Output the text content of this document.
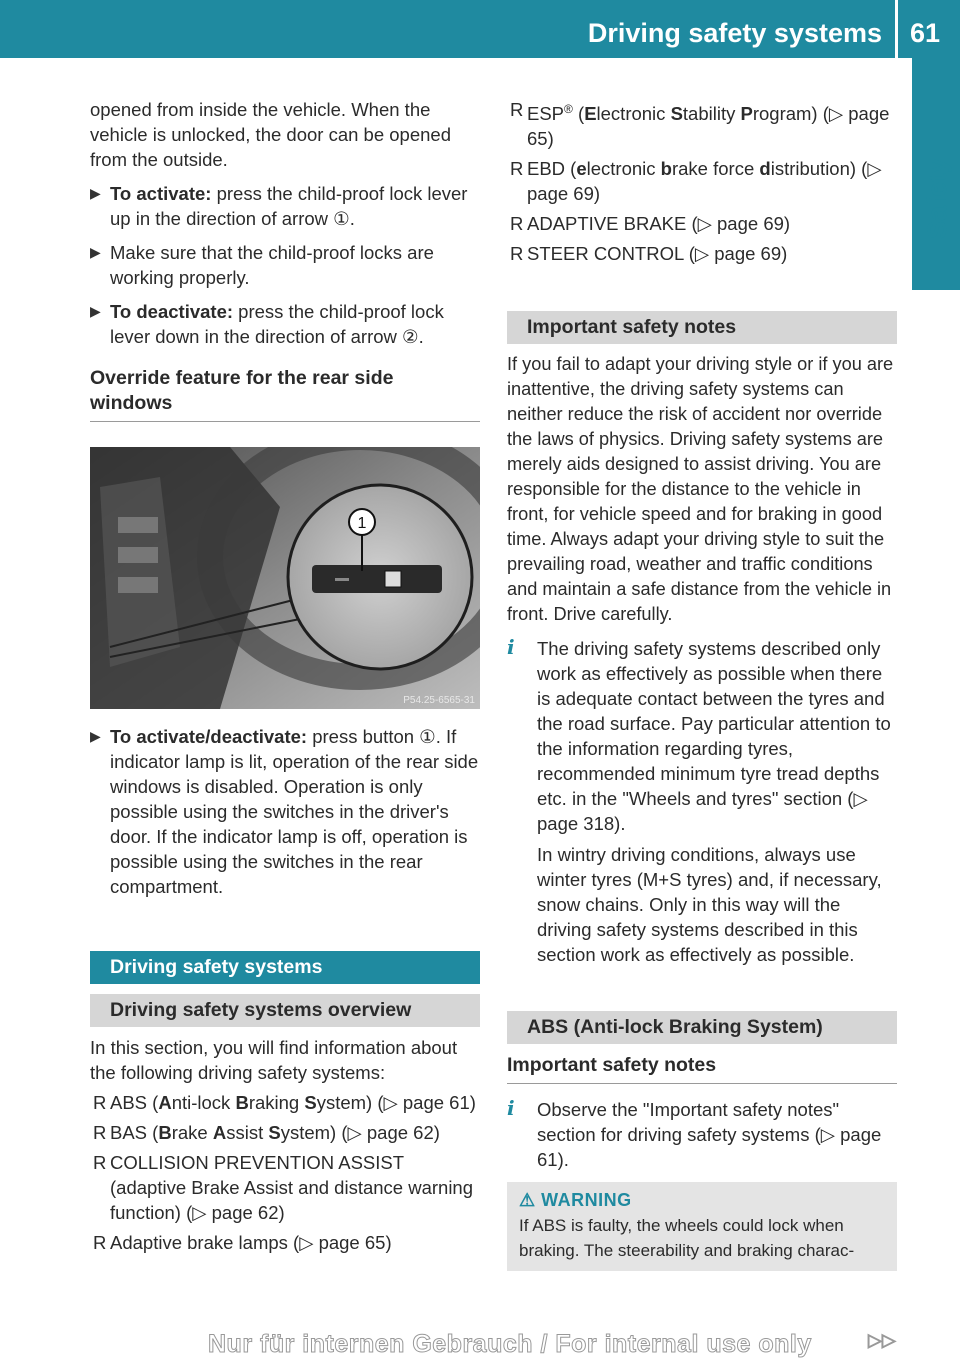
Driving safety systems 61
Safety

opened from inside the vehicle. When the vehicle is unlocked, the door can be opened from the outside.

▶ To activate: press the child-proof lock lever up in the direction of arrow ①.

▶ Make sure that the child-proof locks are working properly.

▶ To deactivate: press the child-proof lock lever down in the direction of arrow ②.

Override feature for the rear side windows

1
P54.25-6565-31

▶ To activate/deactivate: press button ①. If indicator lamp is lit, operation of the rear side windows is disabled. Operation is only possible using the switches in the driver's door. If the indicator lamp is off, operation is possible using the switches in the rear compartment.

Driving safety systems
Driving safety systems overview

In this section, you will find information about the following driving safety systems:

R ABS (Anti-lock Braking System) (▷ page 61)

R BAS (Brake Assist System) (▷ page 62)

R COLLISION PREVENTION ASSIST (adaptive Brake Assist and distance warning function) (▷ page 62)

R Adaptive brake lamps (▷ page 65)

R ESP® (Electronic Stability Program) (▷ page 65)

R EBD (electronic brake force distribution) (▷ page 69)

R ADAPTIVE BRAKE (▷ page 69)

R STEER CONTROL (▷ page 69)

Important safety notes

If you fail to adapt your driving style or if you are inattentive, the driving safety systems can neither reduce the risk of accident nor override the laws of physics. Driving safety systems are merely aids designed to assist driving. You are responsible for the distance to the vehicle in front, for vehicle speed and for braking in good time. Always adapt your driving style to suit the prevailing road, weather and traffic conditions and maintain a safe distance from the vehicle in front. Drive carefully.

i	The driving safety systems described only work as effectively as possible when there is adequate contact between the tyres and the road surface. Pay particular attention to the information regarding tyres, recommended minimum tyre tread depths etc. in the "Wheels and tyres" section (▷ page 318).

In wintry driving conditions, always use winter tyres (M+S tyres) and, if necessary, snow chains. Only in this way will the driving safety systems described in this section work as effectively as possible.

ABS (Anti-lock Braking System)

Important safety notes

i	Observe the "Important safety notes" section for driving safety systems (▷ page 61).

⚠ WARNING

If ABS is faulty, the wheels could lock when braking. The steerability and braking charac-

Nur für internen Gebrauch / For internal use only	▷▷
